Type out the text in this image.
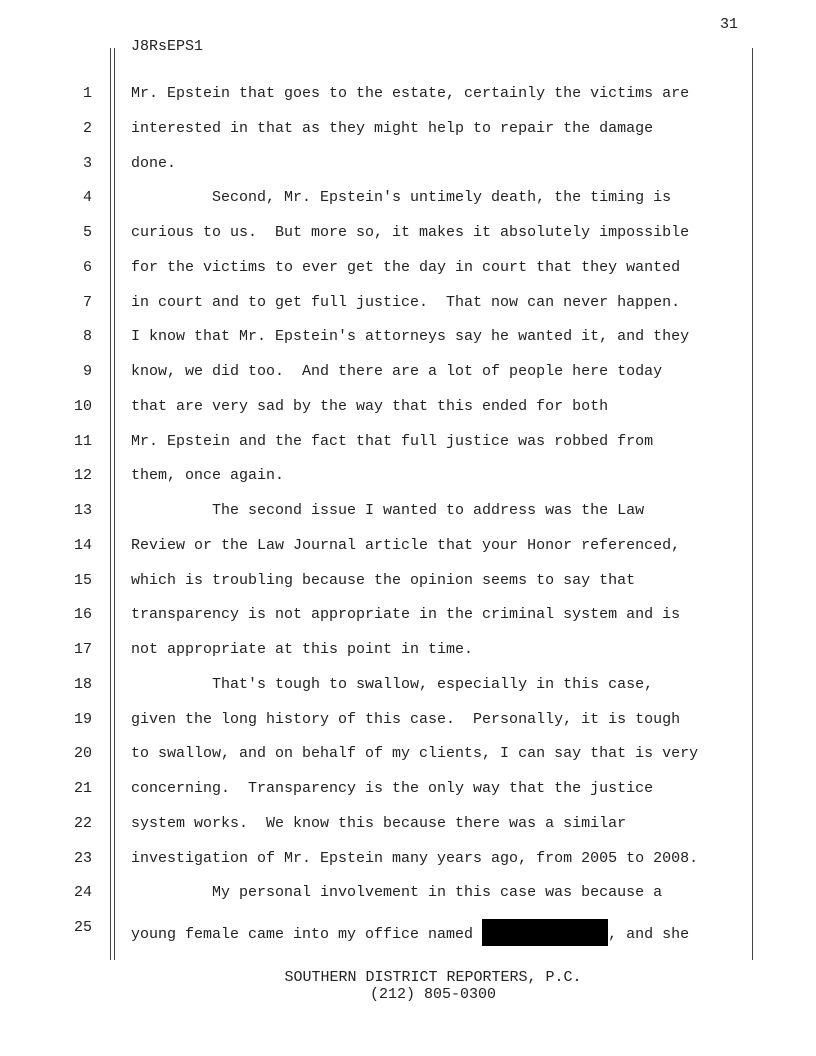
31
J8RsEPS1
1	Mr. Epstein that goes to the estate, certainly the victims are
2	interested in that as they might help to repair the damage
3	done.
4	Second, Mr. Epstein's untimely death, the timing is
5	curious to us.  But more so, it makes it absolutely impossible
6	for the victims to ever get the day in court that they wanted
7	in court and to get full justice.  That now can never happen.
8	I know that Mr. Epstein's attorneys say he wanted it, and they
9	know, we did too.  And there are a lot of people here today
10	that are very sad by the way that this ended for both
11	Mr. Epstein and the fact that full justice was robbed from
12	them, once again.
13	The second issue I wanted to address was the Law
14	Review or the Law Journal article that your Honor referenced,
15	which is troubling because the opinion seems to say that
16	transparency is not appropriate in the criminal system and is
17	not appropriate at this point in time.
18	That's tough to swallow, especially in this case,
19	given the long history of this case.  Personally, it is tough
20	to swallow, and on behalf of my clients, I can say that is very
21	concerning.  Transparency is the only way that the justice
22	system works.  We know this because there was a similar
23	investigation of Mr. Epstein many years ago, from 2005 to 2008.
24	My personal involvement in this case was because a
25	young female came into my office named	, and she
SOUTHERN DISTRICT REPORTERS, P.C.
(212) 805-0300
